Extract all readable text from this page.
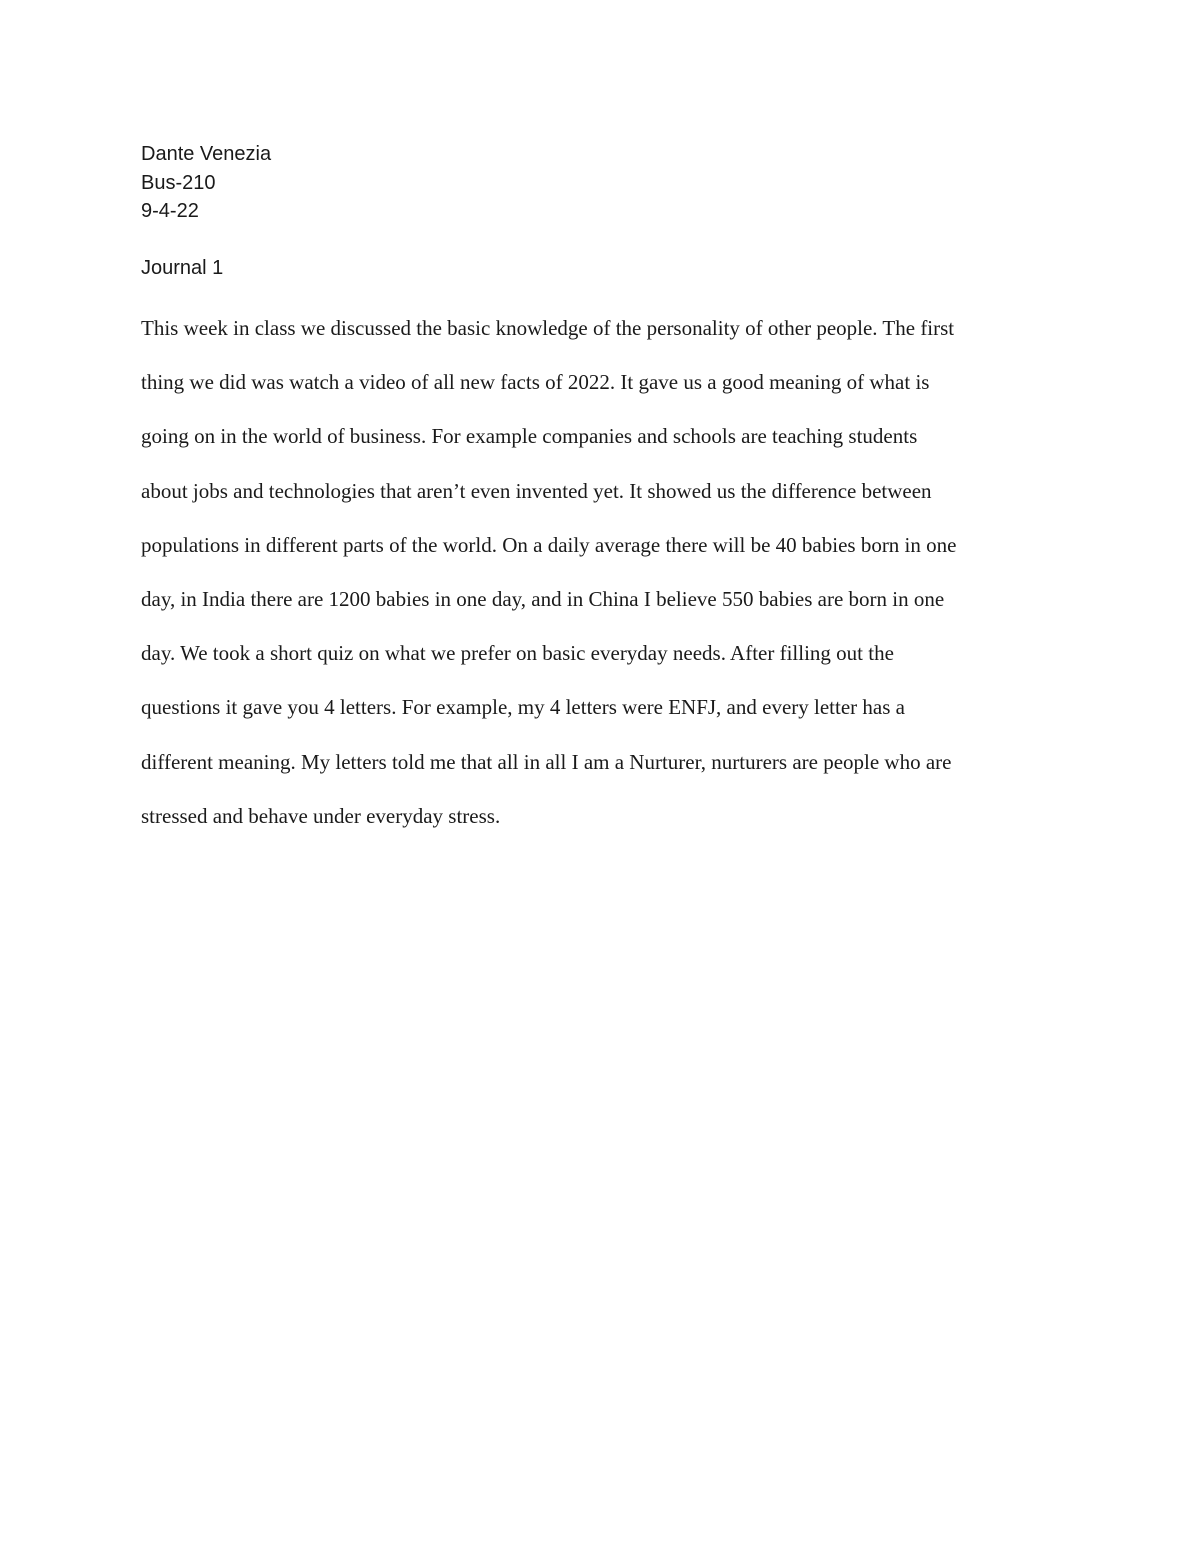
Dante Venezia
Bus-210
9-4-22
Journal 1
This week in class we discussed the basic knowledge of the personality of other people. The first
thing we did was watch a video of all new facts of 2022. It gave us a good meaning of what is
going on in the world of business. For example companies and schools are teaching students
about jobs and technologies that aren’t even invented yet. It showed us the difference between
populations in different parts of the world. On a daily average there will be 40 babies born in one
day, in India there are 1200 babies in one day, and in China I believe 550 babies are born in one
day. We took a short quiz on what we prefer on basic everyday needs. After filling out the
questions it gave you 4 letters. For example, my 4 letters were ENFJ, and every letter has a
different meaning. My letters told me that all in all I am a Nurturer, nurturers are people who are
stressed and behave under everyday stress.
